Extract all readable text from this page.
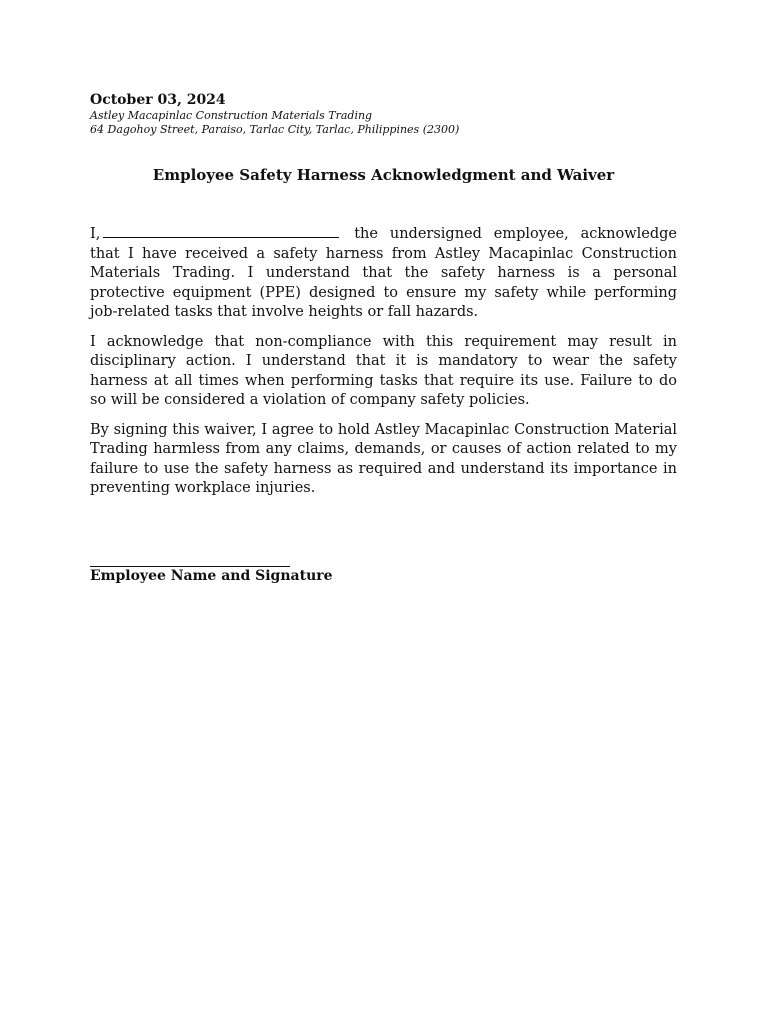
October 03, 2024

Astley Macapinlac Construction Materials Trading

64 Dagohoy Street, Paraiso, Tarlac City, Tarlac, Philippines (2300)

Employee Safety Harness Acknowledgment and Waiver

I,	the undersigned employee, acknowledge that I have received a safety harness from Astley Macapinlac Construction Materials Trading. I understand that the safety harness is a personal protective equipment (PPE) designed to ensure my safety while performing job-related tasks that involve heights or fall hazards.

I acknowledge that non-compliance with this requirement may result in disciplinary action. I understand that it is mandatory to wear the safety harness at all times when performing tasks that require its use. Failure to do so will be considered a violation of company safety policies.

By signing this waiver, I agree to hold Astley Macapinlac Construction Material Trading harmless from any claims, demands, or causes of action related to my failure to use the safety harness as required and understand its importance in preventing workplace injuries.

Employee Name and Signature
